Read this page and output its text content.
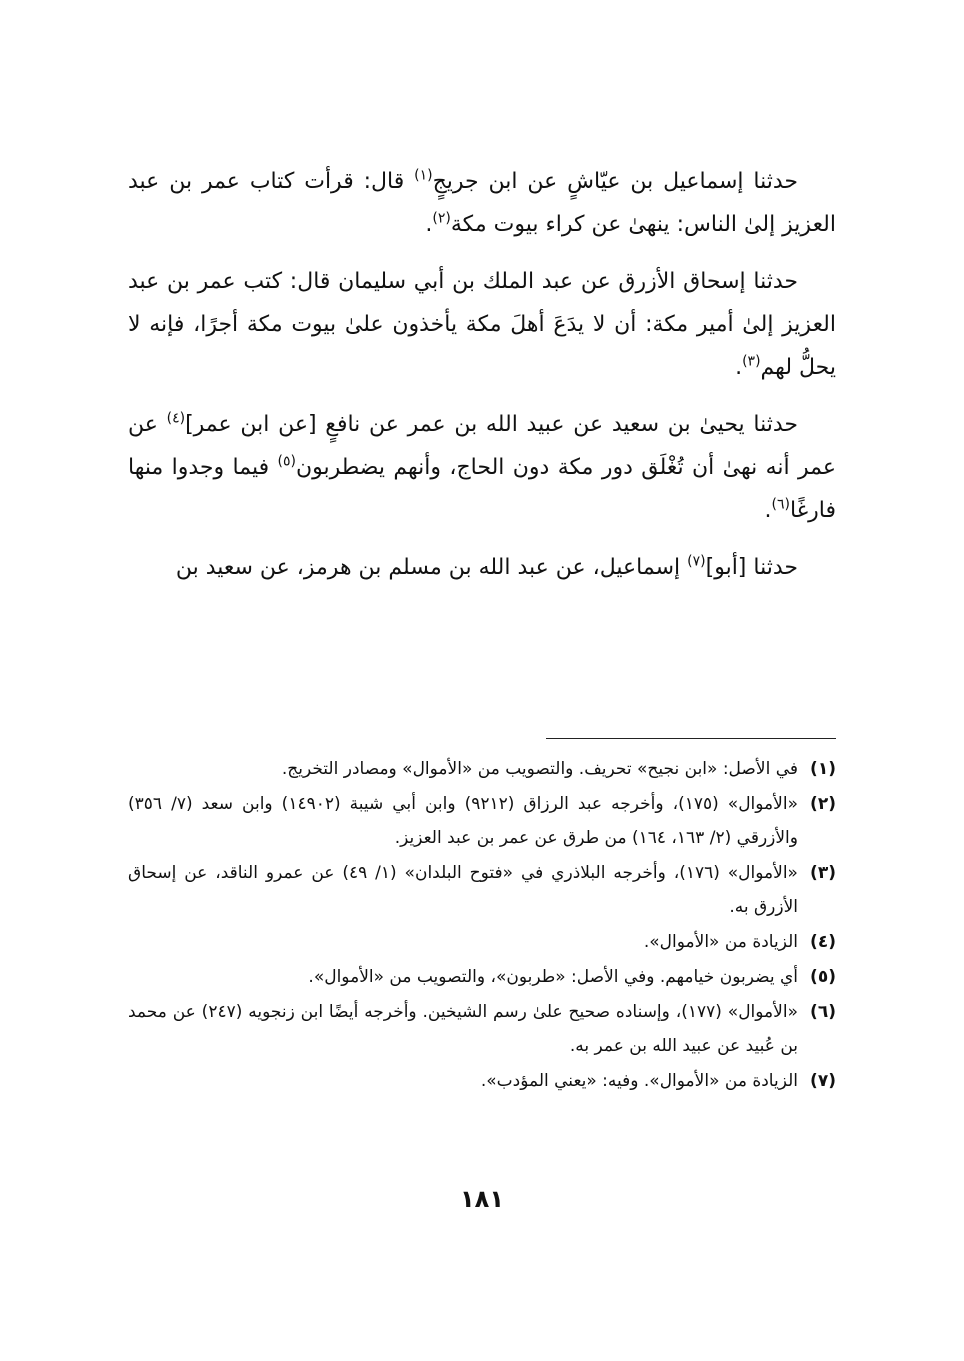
حدثنا إسماعيل بن عيّاشٍ عن ابن جريجٍ$^{(١)}$ قال: قرأت كتاب عمر بن عبد العزيز إلىٰ الناس: ينهىٰ عن كراء بيوت مكة$^{(٢)}$.

حدثنا إسحاق الأزرق عن عبد الملك بن أبي سليمان قال: كتب عمر بن عبد العزيز إلىٰ أمير مكة: أن لا يدَعَ أهلَ مكة يأخذون علىٰ بيوت مكة أجرًا، فإنه لا يحلُّ لهم$^{(٣)}$.

حدثنا يحيىٰ بن سعيد عن عبيد الله بن عمر عن نافعٍ [عن ابن عمر]$^{(٤)}$ عن عمر أنه نهىٰ أن تُغْلَق دور مكة دون الحاج، وأنهم يضطربون$^{(٥)}$ فيما وجدوا منها فارغًا$^{(٦)}$.

حدثنا [أبو]$^{(٧)}$ إسماعيل، عن عبد الله بن مسلم بن هرمز، عن سعيد بن

(١)
في الأصل: «ابن نجيح» تحريف. والتصويب من «الأموال» ومصادر التخريج.
(٢)
«الأموال» (١٧٥)، وأخرجه عبد الرزاق (٩٢١٢) وابن أبي شيبة (١٤٩٠٢) وابن سعد (٧/ ٣٥٦) والأزرقي (٢/ ١٦٣، ١٦٤) من طرق عن عمر بن عبد العزيز.
(٣)
«الأموال» (١٧٦)، وأخرجه البلاذري في «فتوح البلدان» (١/ ٤٩) عن عمرو الناقد، عن إسحاق الأزرق به.
(٤)
الزيادة من «الأموال».
(٥)
أي يضربون خيامهم. وفي الأصل: «طربون»، والتصويب من «الأموال».
(٦)
«الأموال» (١٧٧)، وإسناده صحيح علىٰ رسم الشيخين. وأخرجه أيضًا ابن زنجويه (٢٤٧) عن محمد بن عُبيد عن عبيد الله بن عمر به.
(٧)
الزيادة من «الأموال». وفيه: «يعني المؤدب».
١٨١
